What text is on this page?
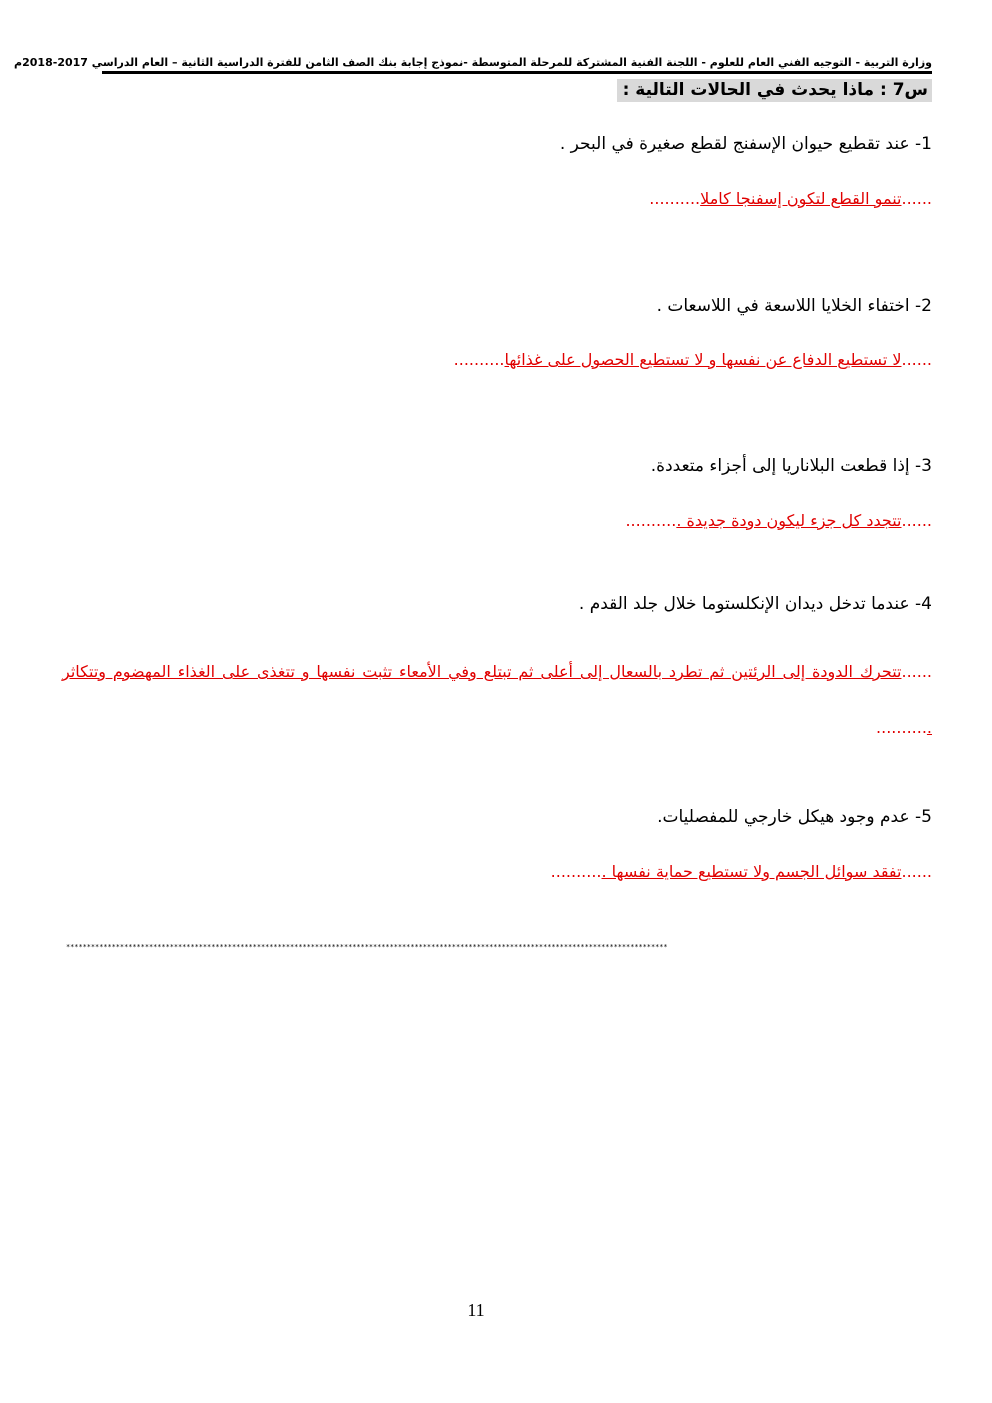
وزارة التربية - التوجيه الفني العام للعلوم - اللجنة الفنية المشتركة للمرحلة المتوسطة -نموذج إجابة بنك الصف الثامن للفترة الدراسية الثانية – العام الدراسي 2017-2018م
س7 : ماذا يحدث في الحالات التالية :
1- عند تقطيع حيوان الإسفنج لقطع صغيرة في البحر .
......تنمو القطع لتكون إسفنجا كاملا..........
2- اختفاء الخلايا اللاسعة في اللاسعات .
......لا تستطيع الدفاع عن نفسها و لا تستطيع الحصول على غذائها..........
3- إذا قطعت البلاناريا إلى أجزاء متعددة.
......تتجدد كل جزء ليكون دودة جديدة ...........
4- عندما تدخل ديدان الإنكلستوما خلال جلد القدم .
......تتحرك الدودة إلى الرئتين ثم تطرد بالسعال إلى أعلى ثم تبتلع وفي الأمعاء تثبت نفسها و تتغذى على الغذاء المهضوم وتتكاثر ...........
5- عدم وجود هيكل خارجي للمفصليات.
......تفقد سوائل الجسم ولا تستطيع حماية نفسها ...........
*************************************************************************************************************************************************
11
